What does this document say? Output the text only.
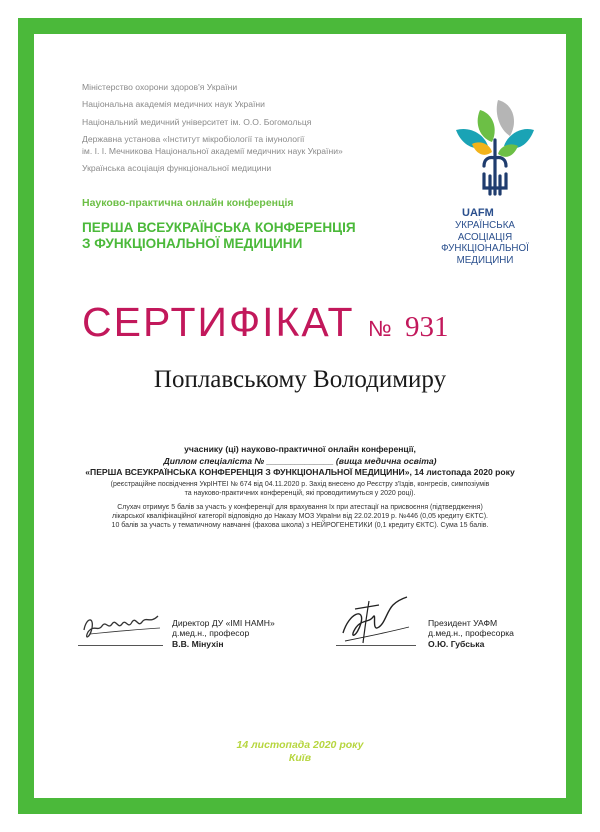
Міністерство охорони здоров'я України
Національна академія медичних наук України
Національний медичний університет ім. О.О. Богомольця
Державна установа «Інститут мікробіології та імунології
ім. І. І. Мечникова Національної академії медичних наук України»
Українська асоціація функціональної медицини
Науково-практична онлайн конференція
ПЕРША ВСЕУКРАЇНСЬКА КОНФЕРЕНЦІЯ
З ФУНКЦІОНАЛЬНОЇ МЕДИЦИНИ
UAFM
УКРАЇНСЬКА АСОЦІАЦІЯ
ФУНКЦІОНАЛЬНОЇ
МЕДИЦИНИ
СЕРТИФІКАТ № 931
Поплавському Володимиру
учаснику (ці) науково-практичної онлайн конференції,
Диплом спеціаліста № ______________ (вища медична освіта)
«ПЕРША ВСЕУКРАЇНСЬКА КОНФЕРЕНЦІЯ З ФУНКЦІОНАЛЬНОЇ МЕДИЦИНИ», 14 листопада 2020 року
(реєстраційне посвідчення УкрІНТЕІ № 674 від 04.11.2020 р. Захід внесено до Реєстру з'їздів, конгресів, симпозіумів
та науково-практичних конференцій, які проводитимуться у 2020 році).
Слухач отримує 5 балів за участь у конференції для врахування їх при атестації на присвоєння (підтвердження)
лікарської кваліфікаційної категорії відповідно до Наказу МОЗ України від 22.02.2019 р. №446 (0,05 кредиту ЄКТС).
10 балів за участь у тематичному навчанні (фахова школа) з НЕЙРОГЕНЕТИКИ (0,1 кредиту ЄКТС). Сума 15 балів.
Директор ДУ «ІМІ НАМН»
д.мед.н., професор
В.В. Мінухін
Президент УАФМ
д.мед.н., професорка
О.Ю. Губська
14 листопада 2020 року
Київ
